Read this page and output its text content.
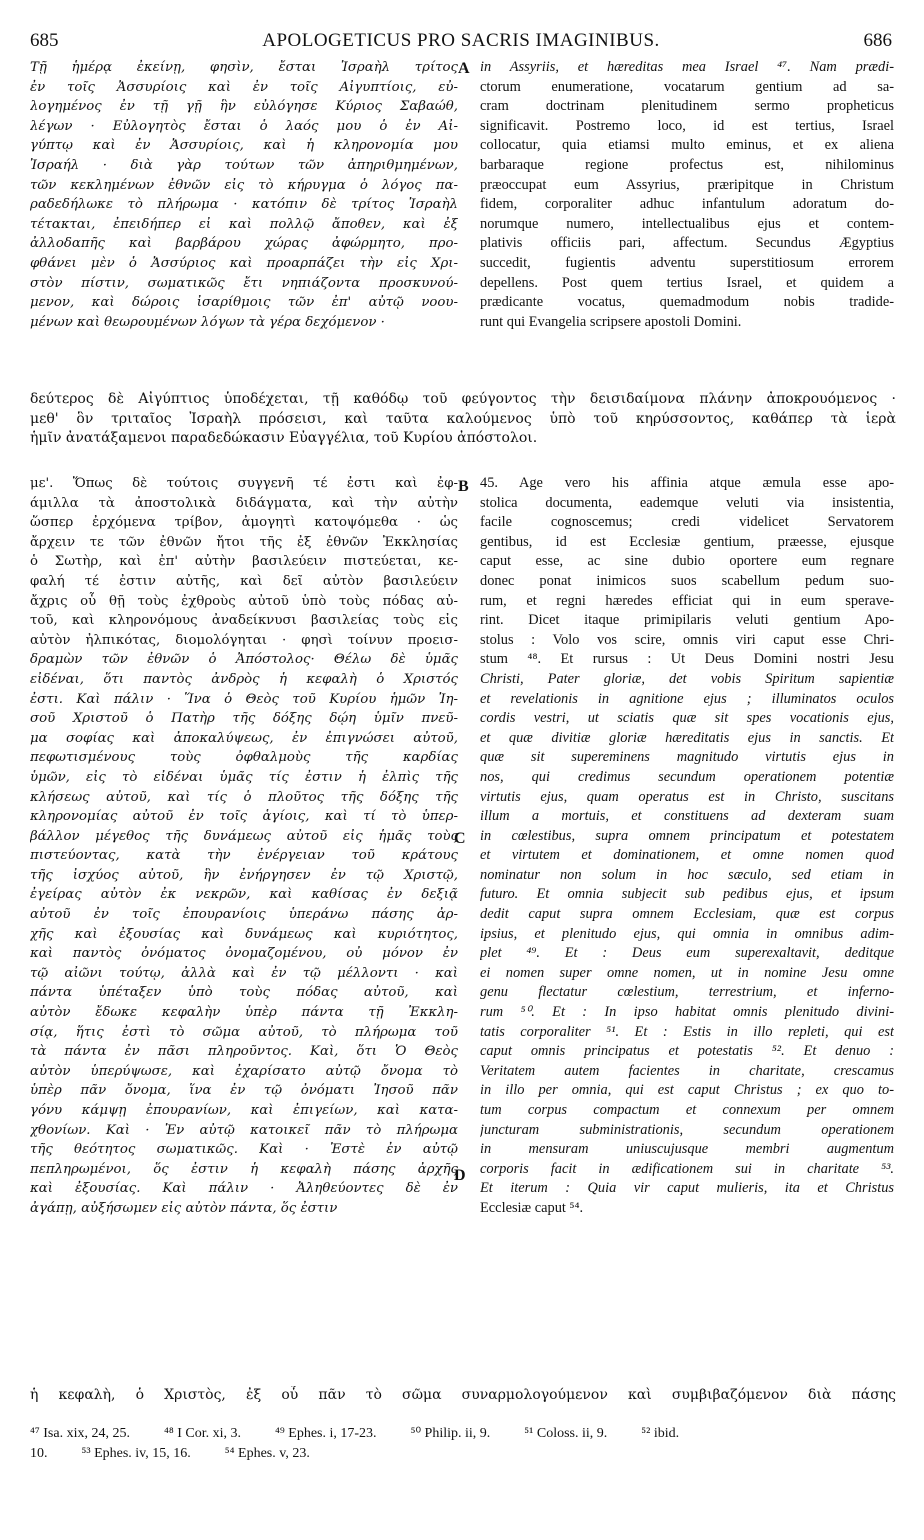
685	APOLOGETICUS PRO SACRIS IMAGINIBUS.	686
Τῇ ἡμέρᾳ ἐκείνῃ, φησὶν, ἔσται Ἰσραὴλ τρίτος
ἐν τοῖς Ἀσσυρίοις καὶ ἐν τοῖς Αἰγυπτίοις, εὐ-
λογημένος ἐν τῇ γῇ ἣν εὐλόγησε Κύριος Σαβαώθ,
λέγων · Εὐλογητὸς ἔσται ὁ λαός μου ὁ ἐν Αἰ-
γύπτῳ καὶ ἐν Ἀσσυρίοις, καὶ ἡ κληρονομία μου
Ἰσραήλ · διὰ γὰρ τούτων τῶν ἀπηριθμημένων,
τῶν κεκλημένων ἐθνῶν εἰς τὸ κήρυγμα ὁ λόγος πα-
ραδεδήλωκε τὸ πλήρωμα · κατόπιν δὲ τρίτος Ἰσραὴλ
τέτακται, ἐπειδήπερ εἰ καὶ πολλῷ ἄποθεν, καὶ ἐξ
ἀλλοδαπῆς καὶ βαρβάρου χώρας ἀφώρμητο, προ-
φθάνει μὲν ὁ Ἀσσύριος καὶ προαρπάζει τὴν εἰς Χρι-
στὸν πίστιν, σωματικῶς ἔτι νηπιάζοντα προσκυνού-
μενον, καὶ δώροις ἰσαρίθμοις τῶν ἐπ' αὐτῷ νοου-
μένων καὶ θεωρουμένων λόγων τὰ γέρα δεχόμενον ·
in Assyriis, et hæreditas mea Israel ⁴⁷. Nam prædi-
ctorum enumeratione, vocatarum gentium ad sa-
cram doctrinam plenitudinem sermo propheticus
significavit. Postremo loco, id est tertius, Israel
collocatur, quia etiamsi multo eminus, et ex aliena
barbaraque regione profectus est, nihilominus
præoccupat eum Assyrius, præripitque in Christum
fidem, corporaliter adhuc infantulum adoratum do-
norumque numero, intellectualibus ejus et contem-
plativis officiis pari, affectum. Secundus Ægyptius
succedit, fugientis adventu superstitiosum errorem
depellens. Post quem tertius Israel, et quidem a
prædicante vocatus, quemadmodum nobis tradide-
runt qui Evangelia scripsere apostoli Domini.
A
δεύτερος δὲ Αἰγύπτιος ὑποδέχεται, τῇ καθόδῳ τοῦ φεύγοντος τὴν δεισιδαίμονα πλάνην ἀποκρουόμενος ·
μεθ' ὃν τριταῖος Ἰσραὴλ πρόσεισι, καὶ ταῦτα καλούμενος ὑπὸ τοῦ κηρύσσοντος, καθάπερ τὰ ἱερὰ
ἡμῖν ἀνατάξαμενοι παραδεδώκασιν Εὐαγγέλια, τοῦ Κυρίου ἀπόστολοι.
με'. Ὅπως δὲ τούτοις συγγενῆ τέ ἐστι καὶ ἐφ-
άμιλλα τὰ ἀποστολικὰ διδάγματα, καὶ τὴν αὐτὴν
ὥσπερ ἐρχόμενα τρίβον, ἀμογητὶ κατοψόμεθα · ὡς
ἄρχειν τε τῶν ἐθνῶν ἤτοι τῆς ἐξ ἐθνῶν Ἐκκλησίας
ὁ Σωτὴρ, καὶ ἐπ' αὐτὴν βασιλεύειν πιστεύεται, κε-
φαλή τέ ἐστιν αὐτῆς, καὶ δεῖ αὐτὸν βασιλεύειν
ἄχρις οὗ θῇ τοὺς ἐχθροὺς αὐτοῦ ὑπὸ τοὺς πόδας αὐ-
τοῦ, καὶ κληρονόμους ἀναδείκνυσι βασιλείας τοὺς εἰς
αὐτὸν ἠλπικότας, διομολόγηται · φησὶ τοίνυν προεισ-
δραμὼν τῶν ἐθνῶν ὁ Ἀπόστολος· Θέλω δὲ ὑμᾶς
εἰδέναι, ὅτι παντὸς ἀνδρὸς ἡ κεφαλὴ ὁ Χριστός
ἐστι. Καὶ πάλιν · Ἵνα ὁ Θεὸς τοῦ Κυρίου ἡμῶν Ἰη-
σοῦ Χριστοῦ ὁ Πατὴρ τῆς δόξης δῴη ὑμῖν πνεῦ-
μα σοφίας καὶ ἀποκαλύψεως, ἐν ἐπιγνώσει αὐτοῦ,
πεφωτισμένους τοὺς ὀφθαλμοὺς τῆς καρδίας
ὑμῶν, εἰς τὸ εἰδέναι ὑμᾶς τίς ἐστιν ἡ ἐλπὶς τῆς
κλήσεως αὐτοῦ, καὶ τίς ὁ πλοῦτος τῆς δόξης τῆς
κληρονομίας αὐτοῦ ἐν τοῖς ἁγίοις, καὶ τί τὸ ὑπερ-
βάλλον μέγεθος τῆς δυνάμεως αὐτοῦ εἰς ἡμᾶς τοὺς
πιστεύοντας, κατὰ τὴν ἐνέργειαν τοῦ κράτους
τῆς ἰσχύος αὐτοῦ, ἣν ἐνήργησεν ἐν τῷ Χριστῷ,
ἐγείρας αὐτὸν ἐκ νεκρῶν, καὶ καθίσας ἐν δεξιᾷ
αὐτοῦ ἐν τοῖς ἐπουρανίοις ὑπεράνω πάσης ἀρ-
χῆς καὶ ἐξουσίας καὶ δυνάμεως καὶ κυριότητος,
καὶ παντὸς ὀνόματος ὀνομαζομένου, οὐ μόνον ἐν
τῷ αἰῶνι τούτῳ, ἀλλὰ καὶ ἐν τῷ μέλλοντι · καὶ
πάντα ὑπέταξεν ὑπὸ τοὺς πόδας αὐτοῦ, καὶ
αὐτὸν ἔδωκε κεφαλὴν ὑπὲρ πάντα τῇ Ἐκκλη-
σίᾳ, ἥτις ἐστὶ τὸ σῶμα αὐτοῦ, τὸ πλήρωμα τοῦ
τὰ πάντα ἐν πᾶσι πληροῦντος. Καὶ, ὅτι Ὁ Θεὸς
αὐτὸν ὑπερύψωσε, καὶ ἐχαρίσατο αὐτῷ ὄνομα τὸ
ὑπὲρ πᾶν ὄνομα, ἵνα ἐν τῷ ὀνόματι Ἰησοῦ πᾶν
γόνυ κάμψῃ ἐπουρανίων, καὶ ἐπιγείων, καὶ κατα-
χθονίων. Καὶ · Ἐν αὐτῷ κατοικεῖ πᾶν τὸ πλήρωμα
τῆς θεότητος σωματικῶς. Καὶ · Ἐστὲ ἐν αὐτῷ
πεπληρωμένοι, ὅς ἐστιν ἡ κεφαλὴ πάσης ἀρχῆς
καὶ ἐξουσίας. Καὶ πάλιν · Ἀληθεύοντες δὲ ἐν
ἀγάπῃ, αὐξήσωμεν εἰς αὐτὸν πάντα, ὅς ἐστιν
45. Age vero his affinia atque æmula esse apo-
stolica documenta, eademque veluti via insistentia,
facile cognoscemus; credi videlicet Servatorem
gentibus, id est Ecclesiæ gentium, præesse, ejusque
caput esse, ac sine dubio oportere eum regnare
donec ponat inimicos suos scabellum pedum suo-
rum, et regni hæredes efficiat qui in eum speravе-
rint. Dicet itaque primipilaris veluti gentium Apo-
stolus : Volo vos scire, omnis viri caput esse Chri-
stum ⁴⁸. Et rursus : Ut Deus Domini nostri Jesu
Christi, Pater gloriæ, det vobis Spiritum sapientiæ
et revelationis in agnitione ejus ; illuminatos oculos
cordis vestri, ut sciatis quæ sit spes vocationis ejus,
et quæ divitiæ gloriæ hæreditatis ejus in sanctis. Et
quæ sit supereminens magnitudo virtutis ejus in
nos, qui credimus secundum operationem potentiæ
virtutis ejus, quam operatus est in Christo, suscitans
illum a mortuis, et constituens ad dexteram suam
in cœlestibus, supra omnem principatum et potestatem
et virtutem et dominationem, et omne nomen quod
nominatur non solum in hoc sæculo, sed etiam in
futuro. Et omnia subjecit sub pedibus ejus, et ipsum
dedit caput supra omnem Ecclesiam, quæ est corpus
ipsius, et plenitudo ejus, qui omnia in omnibus adim-
plet ⁴⁹. Et : Deus eum superexaltavit, deditque
ei nomen super omne nomen, ut in nomine Jesu omne
genu flectatur cœlestium, terrestrium, et inferno-
rum ⁵⁰. Et : In ipso habitat omnis plenitudo divini-
tatis corporaliter ⁵¹. Et : Estis in illo repleti, qui est
caput omnis principatus et potestatis ⁵². Et denuo :
Veritatem autem facientes in charitate, crescamus
in illo per omnia, qui est caput Christus ; ex quo to-
tum corpus compactum et connexum per omnem
juncturam subministrationis, secundum operationem
in mensuram uniuscujusque membri augmentum
corporis facit in ædificationem sui in charitate ⁵³.
Et iterum : Quia vir caput mulieris, ita et Christus
Ecclesiæ caput ⁵⁴.
B
C
D
ἡ κεφαλὴ, ὁ Χριστὸς, ἐξ οὗ πᾶν τὸ σῶμα συναρμολογούμενον καὶ συμβιβαζόμενον διὰ πάσης
⁴⁷ Isa. xix, 24, 25. ⁴⁸ I Cor. xi, 3. ⁴⁹ Ephes. i, 17-23. ⁵⁰ Philip. ii, 9. ⁵¹ Coloss. ii, 9. ⁵² ibid.
10. ⁵³ Ephes. iv, 15, 16. ⁵⁴ Ephes. v, 23.
